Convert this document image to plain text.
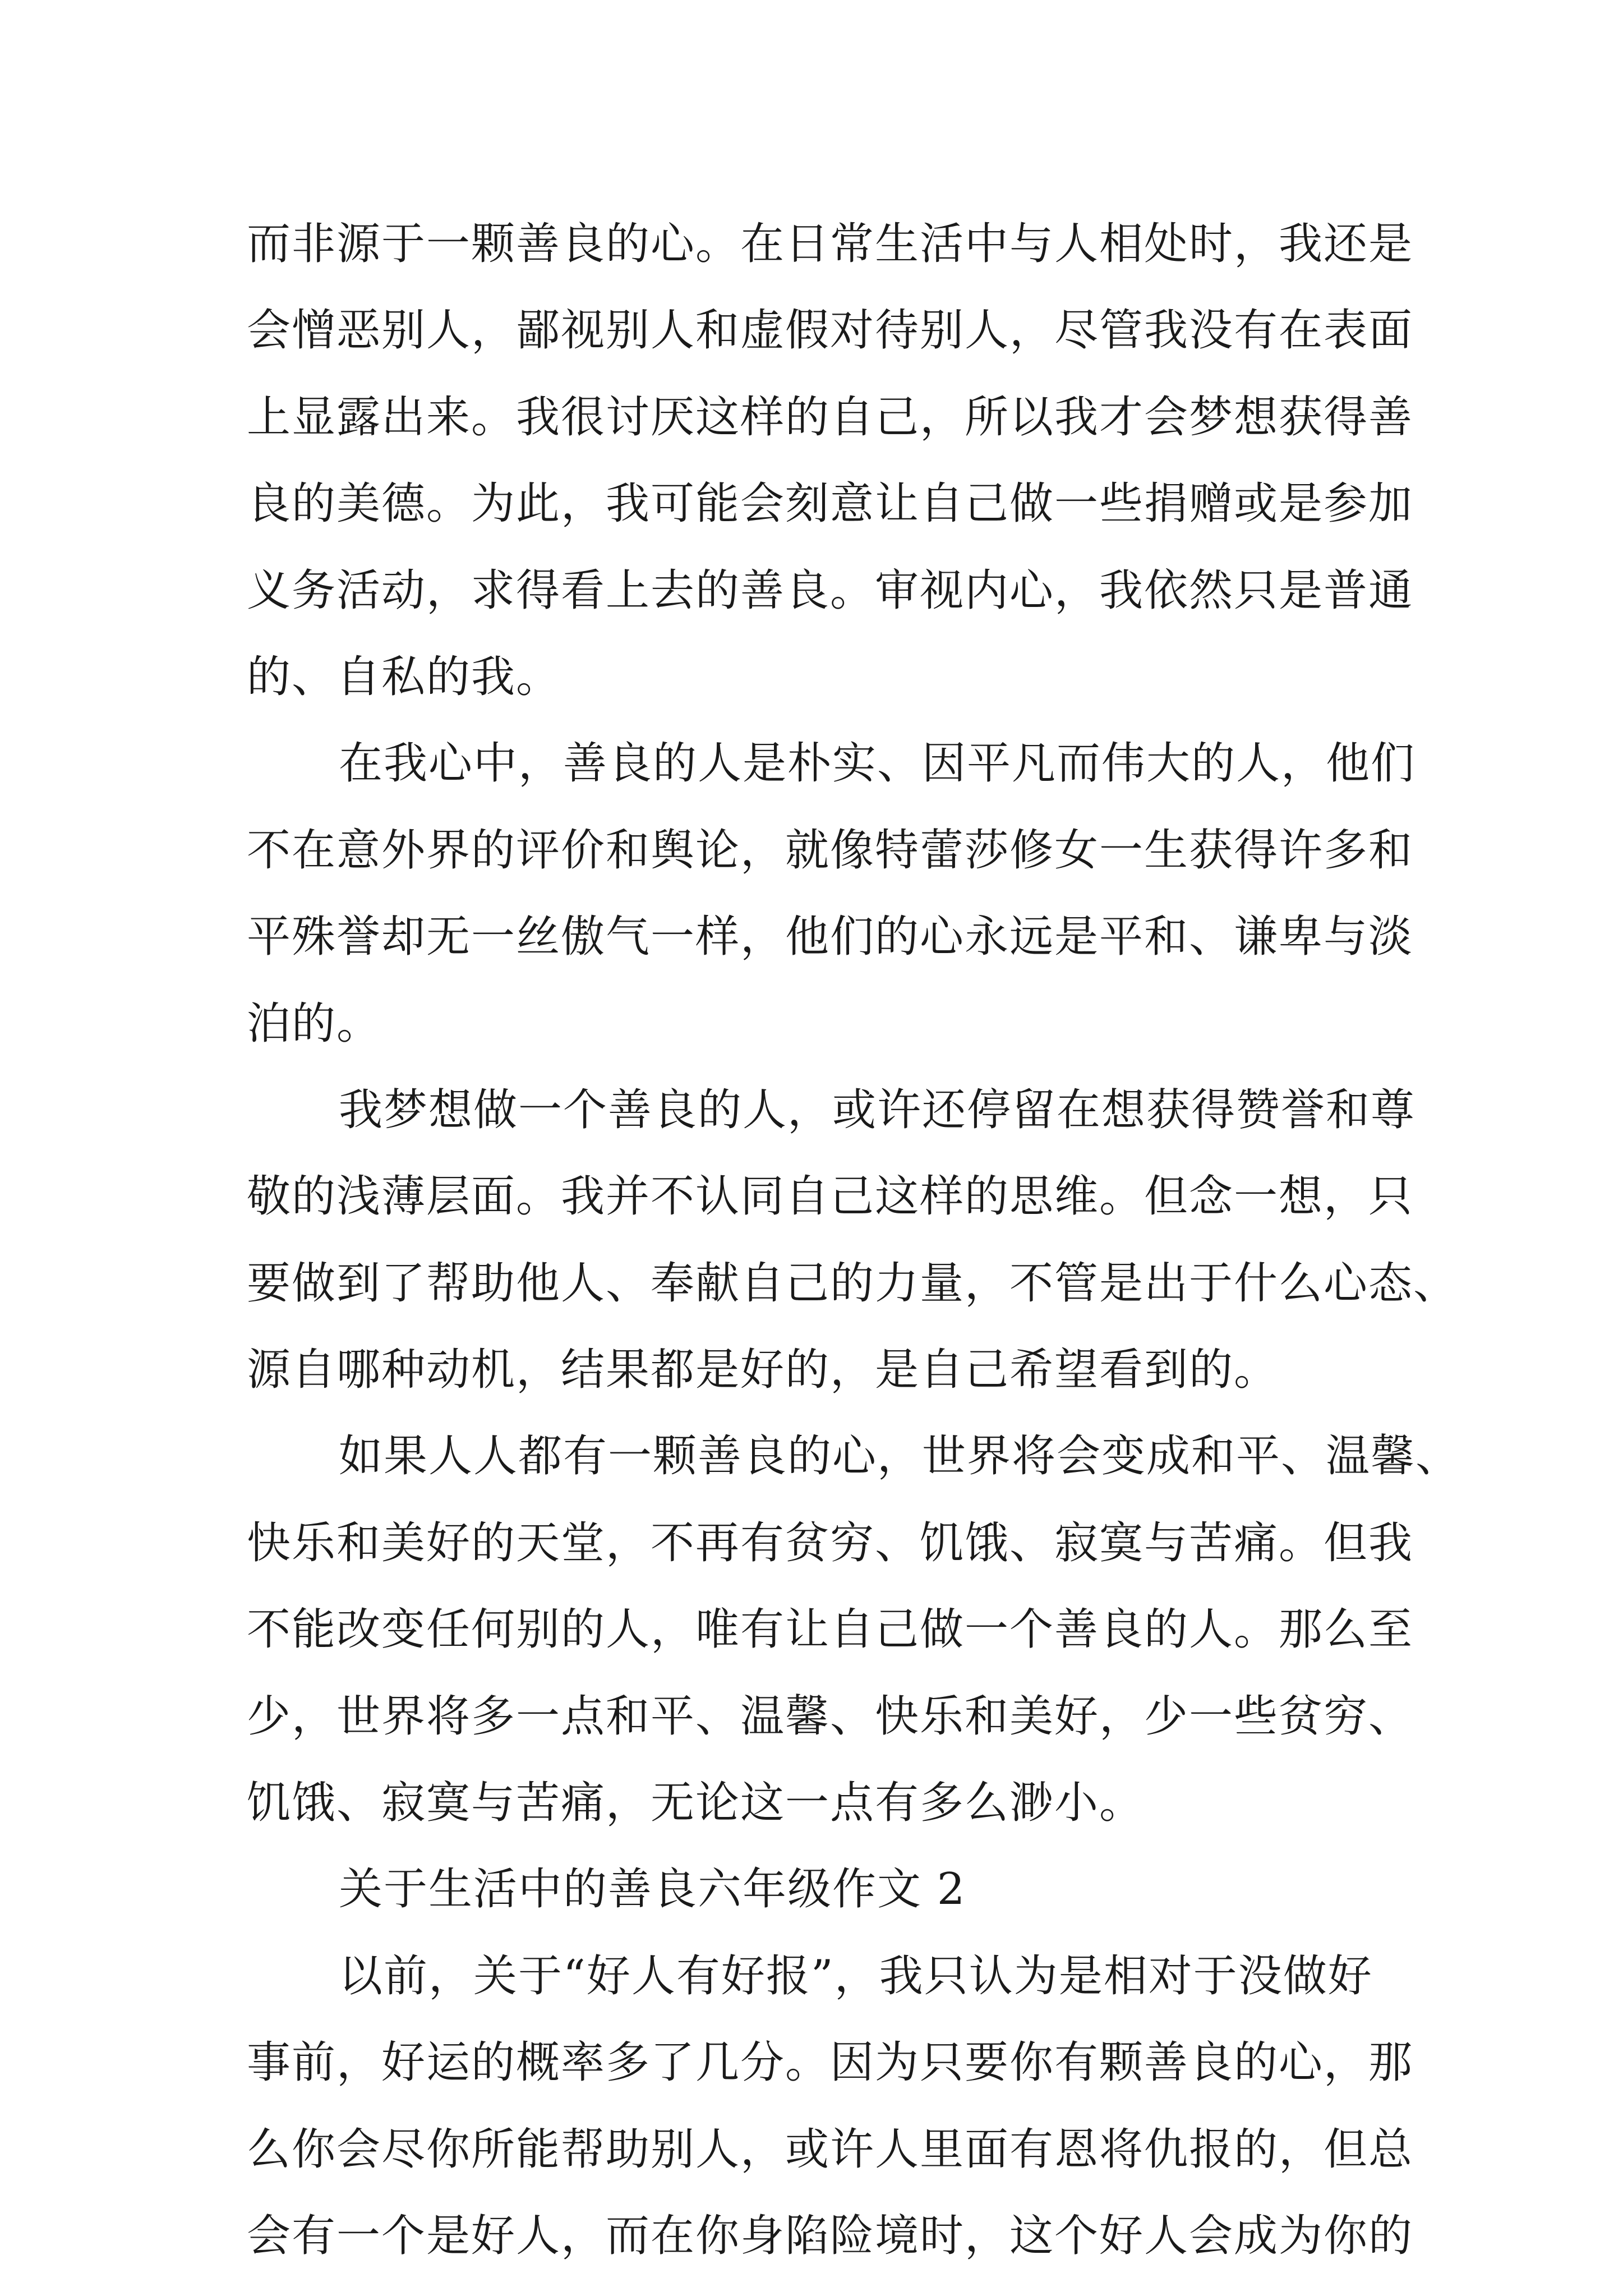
而非源于一颗善良的心。在日常生活中与人相处时，我还是
会憎恶别人，鄙视别人和虚假对待别人，尽管我没有在表面
上显露出来。我很讨厌这样的自己，所以我才会梦想获得善
良的美德。为此，我可能会刻意让自己做一些捐赠或是参加
义务活动，求得看上去的善良。审视内心，我依然只是普通
的、自私的我。
在我心中，善良的人是朴实、因平凡而伟大的人，他们
不在意外界的评价和舆论，就像特蕾莎修女一生获得许多和
平殊誉却无一丝傲气一样，他们的心永远是平和、谦卑与淡
泊的。
我梦想做一个善良的人，或许还停留在想获得赞誉和尊
敬的浅薄层面。我并不认同自己这样的思维。但念一想，只
要做到了帮助他人、奉献自己的力量，不管是出于什么心态、
源自哪种动机，结果都是好的，是自己希望看到的。
如果人人都有一颗善良的心，世界将会变成和平、温馨、
快乐和美好的天堂，不再有贫穷、饥饿、寂寞与苦痛。但我
不能改变任何别的人，唯有让自己做一个善良的人。那么至
少，世界将多一点和平、温馨、快乐和美好，少一些贫穷、
饥饿、寂寞与苦痛，无论这一点有多么渺小。
关于生活中的善良六年级作文 2
以前，关于“好人有好报”，我只认为是相对于没做好
事前，好运的概率多了几分。因为只要你有颗善良的心，那
么你会尽你所能帮助别人，或许人里面有恩将仇报的，但总
会有一个是好人，而在你身陷险境时，这个好人会成为你的
